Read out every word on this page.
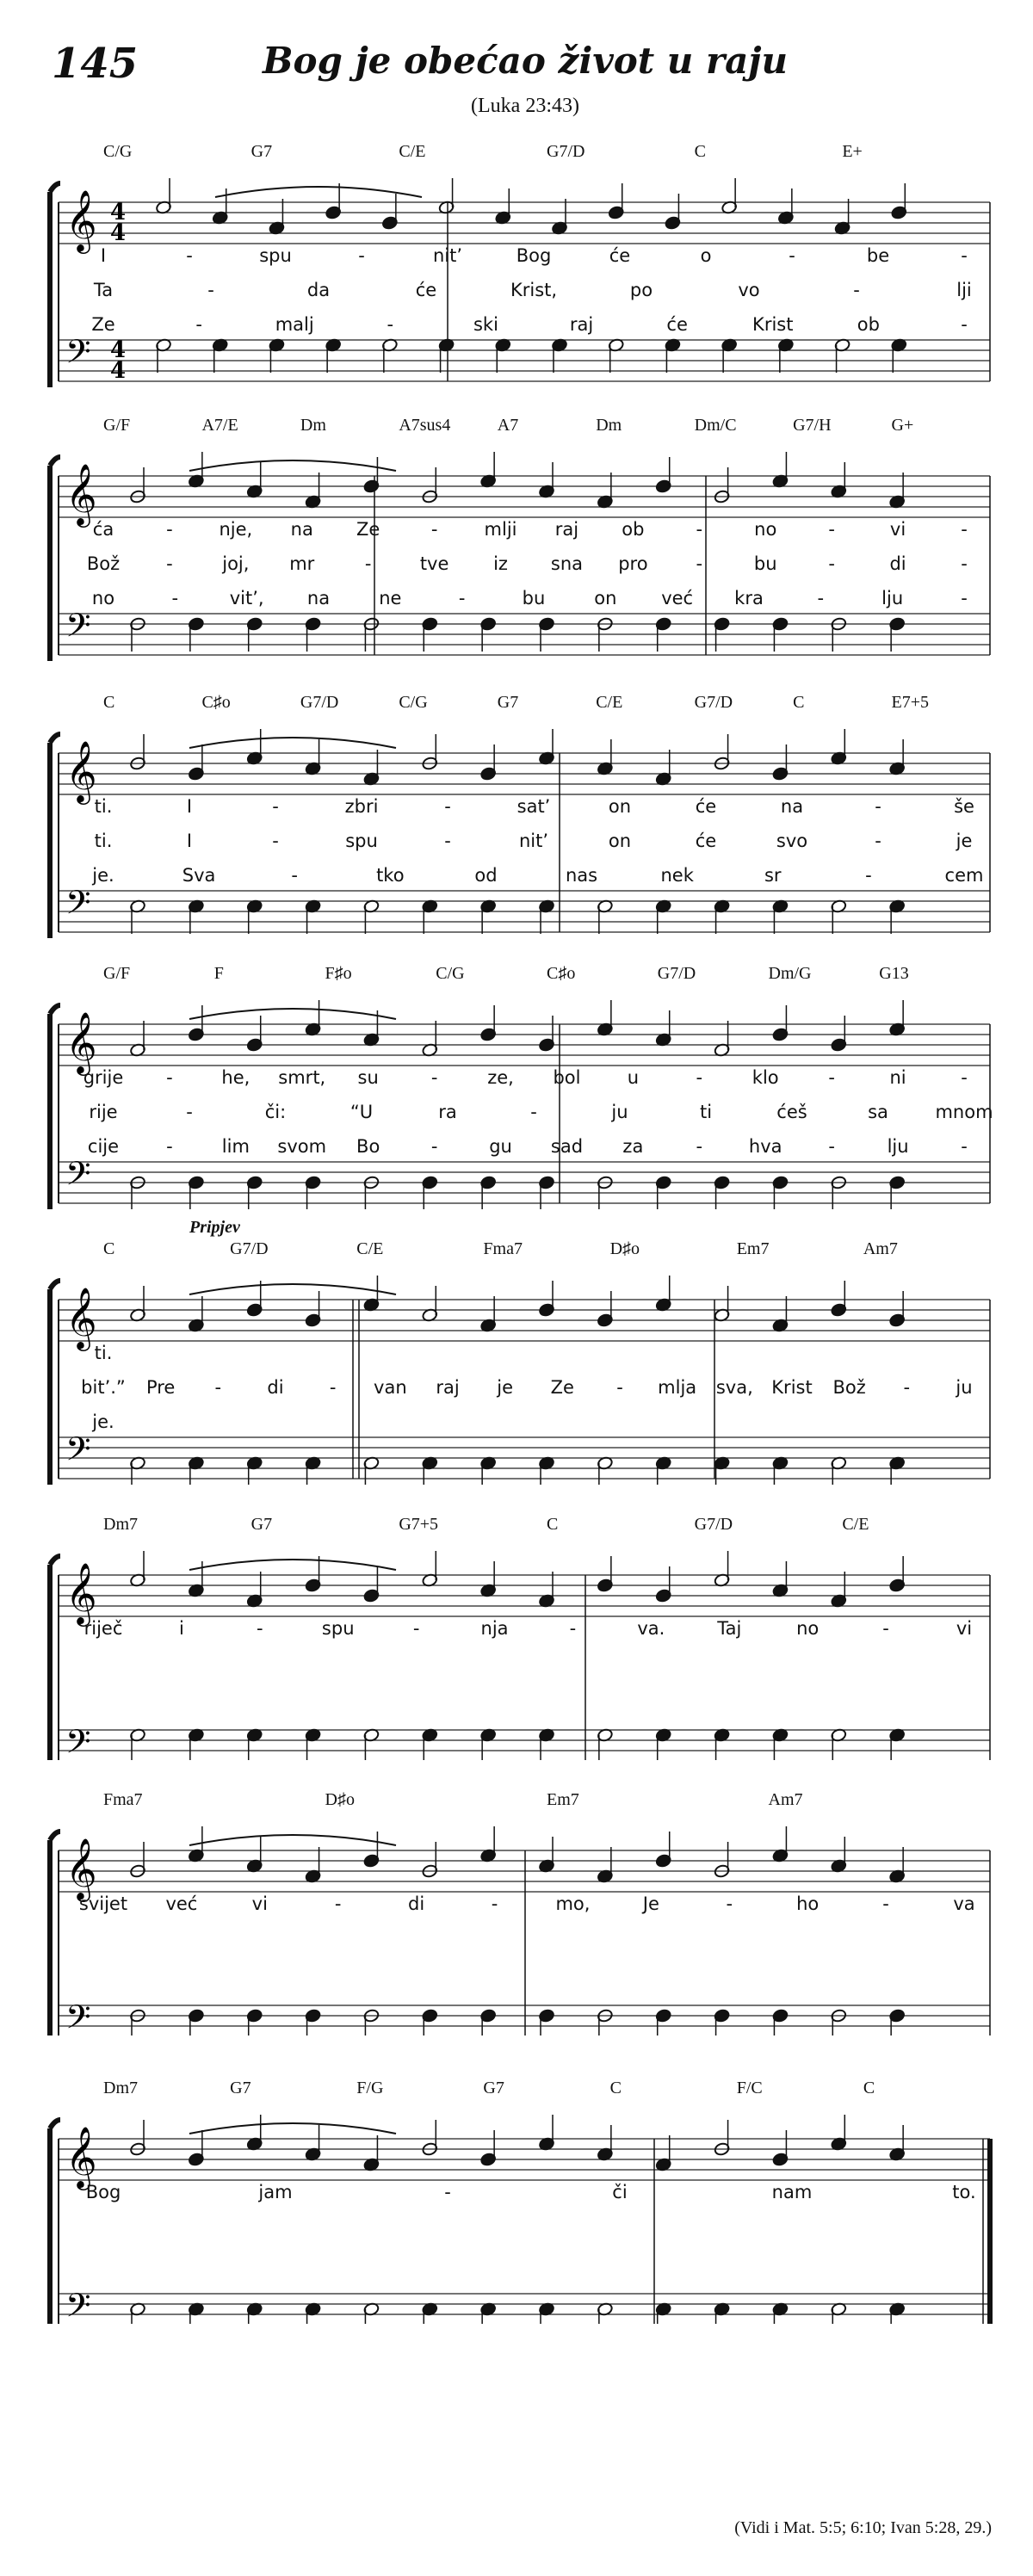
145	Bog je obećao život u raju
(Luka 23:43)
𝄞
𝄢
4
4
4
4
C/G	G7	C/E	G7/D	C	E+
I	-	spu	-	nit’	Bog	će	o	-	be	-
Ta	-	da	će	Krist,	po	vo	-	lji
Ze	-	malj	-	ski	raj	će	Krist	ob	-
𝄞
𝄢
G/F	A7/E	Dm	A7sus4	A7	Dm	Dm/C	G7/H	G+
ća	-	nje, na Ze	-	mlji raj ob	-	no	-	vi	-
Bož	-	joj, mr	-	tve iz sna pro	-	bu	-	di	-
no	-	vit’, na	ne	-	bu	on već kra	-	lju	-
𝄞
𝄢
C	C♯o	G7/D	C/G	G7	C/E	G7/D	C	E7+5
ti.	I	-	zbri	-	sat’	on	će	na	-	še
ti.	I	-	spu	-	nit’	on	će	svo	-	je
je.	Sva	-	tko	od	nas	nek	sr	-	cem
𝄞
𝄢
G/F	F	F♯o	C/G	C♯o	G7/D	Dm/G	G13
grije -	he, smrt, su	-	ze, bol	u	-	klo	-	ni	-
rije	-	či:	“U	ra	-	ju	ti	ćeš	sa	mnom
cije	-	lim svom Bo	-	gu sad za	-	hva	-	lju	-
𝄞
𝄢
C	G7/D	C/E	Fma7	D♯o	Em7	Am7
Pripjev
ti.
bit’.” Pre -	di	- van raj je Ze - mlja sva, Krist Bož -	ju
je.
𝄞
𝄢
Dm7	G7	G7+5	C	G7/D	C/E
riječ	i	-	spu	-	nja	-	va.	Taj	no	-	vi
𝄞
𝄢
Fma7	D♯o	Em7	Am7
svijet već	vi	-	di	-	mo,	Je	-	ho	-	va
𝄞
𝄢
Dm7	G7	F/G	G7	C	F/C	C
Bog	jam	-	či	nam	to.
(Vidi i Mat. 5:5; 6:10; Ivan 5:28, 29.)
